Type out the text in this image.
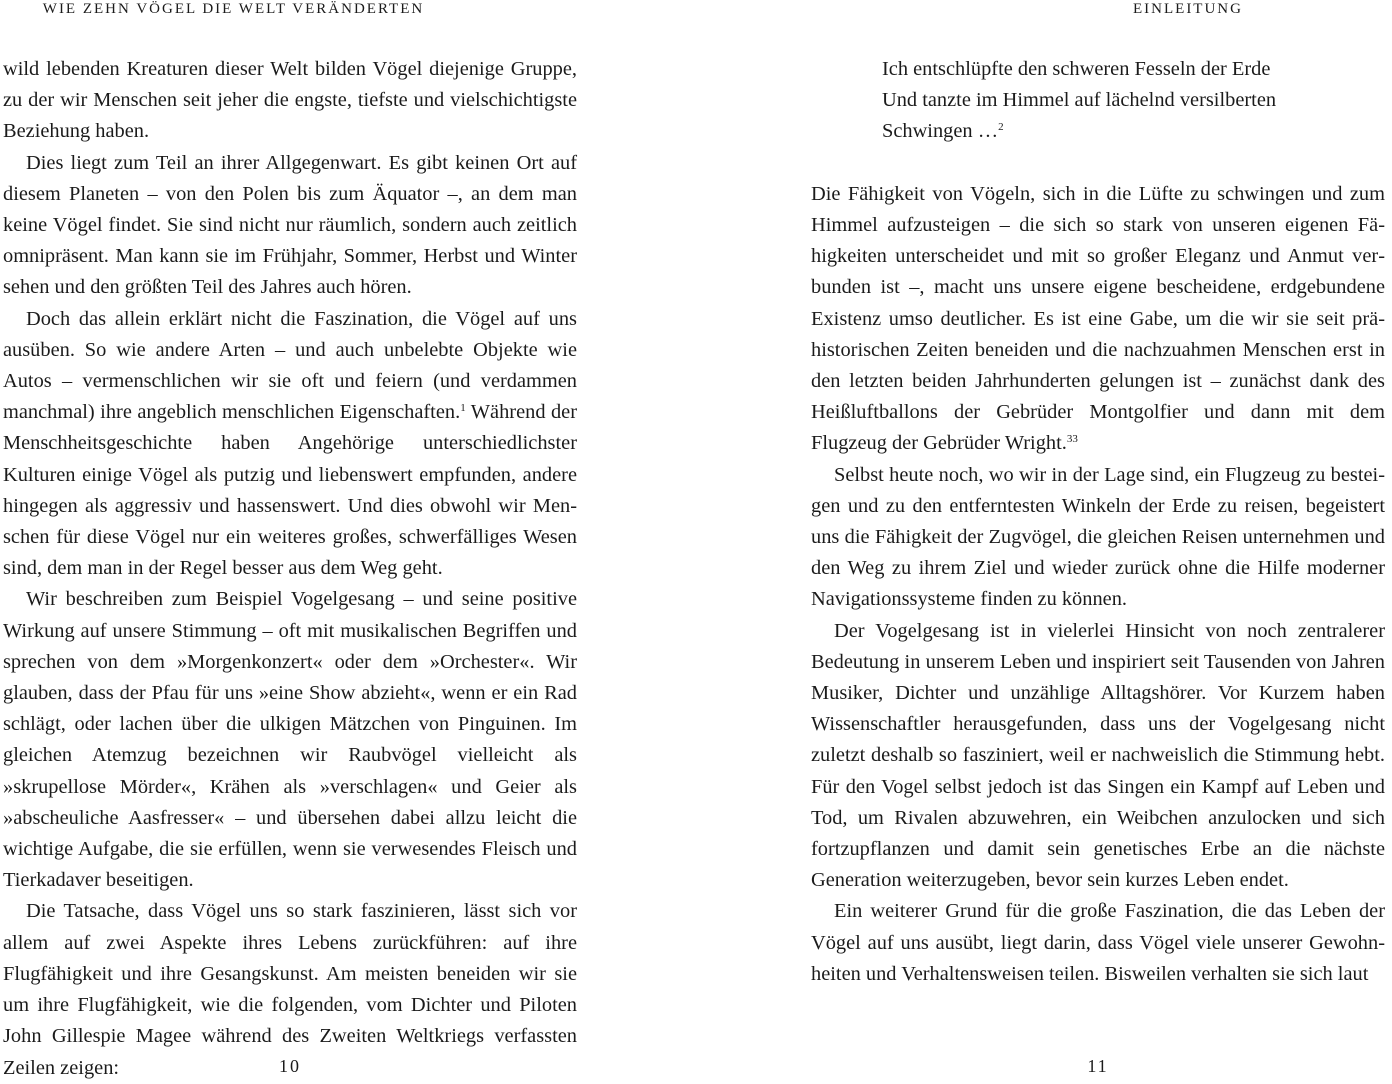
WIE ZEHN VÖGEL DIE WELT VERÄNDERTEN

wild lebenden Kreaturen dieser Welt bilden Vögel diejenige Gruppe, zu der wir Menschen seit jeher die engste, tiefste und vielschichtigste Beziehung haben.

Dies liegt zum Teil an ihrer Allgegenwart. Es gibt keinen Ort auf diesem Planeten – von den Polen bis zum Äquator –, an dem man keine Vögel findet. Sie sind nicht nur räumlich, sondern auch zeitlich omnipräsent. Man kann sie im Frühjahr, Sommer, Herbst und Winter sehen und den größten Teil des Jahres auch hören.

Doch das allein erklärt nicht die Faszination, die Vögel auf uns ausüben. So wie andere Arten – und auch unbelebte Objekte wie Autos – vermenschlichen wir sie oft und feiern (und verdammen manchmal) ihre angeblich menschlichen Eigenschaften.$^1$ Während der Menschheitsgeschichte haben Angehörige unterschiedlichster Kulturen einige Vögel als putzig und liebenswert empfunden, andere hingegen als aggressiv und hassenswert. Und dies obwohl wir Menschen für diese Vögel nur ein weiteres großes, schwerfälliges Wesen sind, dem man in der Regel besser aus dem Weg geht.

Wir beschreiben zum Beispiel Vogelgesang – und seine positive Wirkung auf unsere Stimmung – oft mit musikalischen Begriffen und sprechen von dem »Morgenkonzert« oder dem »Orchester«. Wir glauben, dass der Pfau für uns »eine Show abzieht«, wenn er ein Rad schlägt, oder lachen über die ulkigen Mätzchen von Pinguinen. Im gleichen Atemzug bezeichnen wir Raubvögel vielleicht als »skrupellose Mörder«, Krähen als »verschlagen« und Geier als »abscheuliche Aasfresser« – und übersehen dabei allzu leicht die wichtige Aufgabe, die sie erfüllen, wenn sie verwesendes Fleisch und Tierkadaver beseitigen.

Die Tatsache, dass Vögel uns so stark faszinieren, lässt sich vor allem auf zwei Aspekte ihres Lebens zurückführen: auf ihre Flugfähigkeit und ihre Gesangskunst. Am meisten beneiden wir sie um ihre Flugfähigkeit, wie die folgenden, vom Dichter und Piloten John Gillespie Magee während des Zweiten Weltkriegs verfassten Zeilen zeigen:	10
EINLEITUNG
Ich entschlüpfte den schweren Fesseln der Erde
Und tanzte im Himmel auf lächelnd versilberten
Schwingen …$^2$

Die Fähigkeit von Vögeln, sich in die Lüfte zu schwingen und zum Himmel aufzusteigen – die sich so stark von unseren eigenen Fähigkeiten unterscheidet und mit so großer Eleganz und Anmut verbunden ist –, macht uns unsere eigene bescheidene, erdgebundene Existenz umso deutlicher. Es ist eine Gabe, um die wir sie seit prähistorischen Zeiten beneiden und die nachzuahmen Menschen erst in den letzten beiden Jahrhunderten gelungen ist – zunächst dank des Heißluftballons der Gebrüder Montgolfier und dann mit dem Flugzeug der Gebrüder Wright.$^{33}$

Selbst heute noch, wo wir in der Lage sind, ein Flugzeug zu besteigen und zu den entferntesten Winkeln der Erde zu reisen, begeistert uns die Fähigkeit der Zugvögel, die gleichen Reisen unternehmen und den Weg zu ihrem Ziel und wieder zurück ohne die Hilfe moderner Navigationssysteme finden zu können.

Der Vogelgesang ist in vielerlei Hinsicht von noch zentralerer Bedeutung in unserem Leben und inspiriert seit Tausenden von Jahren Musiker, Dichter und unzählige Alltagshörer. Vor Kurzem haben Wissenschaftler herausgefunden, dass uns der Vogelgesang nicht zuletzt deshalb so fasziniert, weil er nachweislich die Stimmung hebt. Für den Vogel selbst jedoch ist das Singen ein Kampf auf Leben und Tod, um Rivalen abzuwehren, ein Weibchen anzulocken und sich fortzupflanzen und damit sein genetisches Erbe an die nächste Generation weiterzugeben, bevor sein kurzes Leben endet.

Ein weiterer Grund für die große Faszination, die das Leben der Vögel auf uns ausübt, liegt darin, dass Vögel viele unserer Gewohnheiten und Verhaltensweisen teilen. Bisweilen verhalten sie sich laut

11
